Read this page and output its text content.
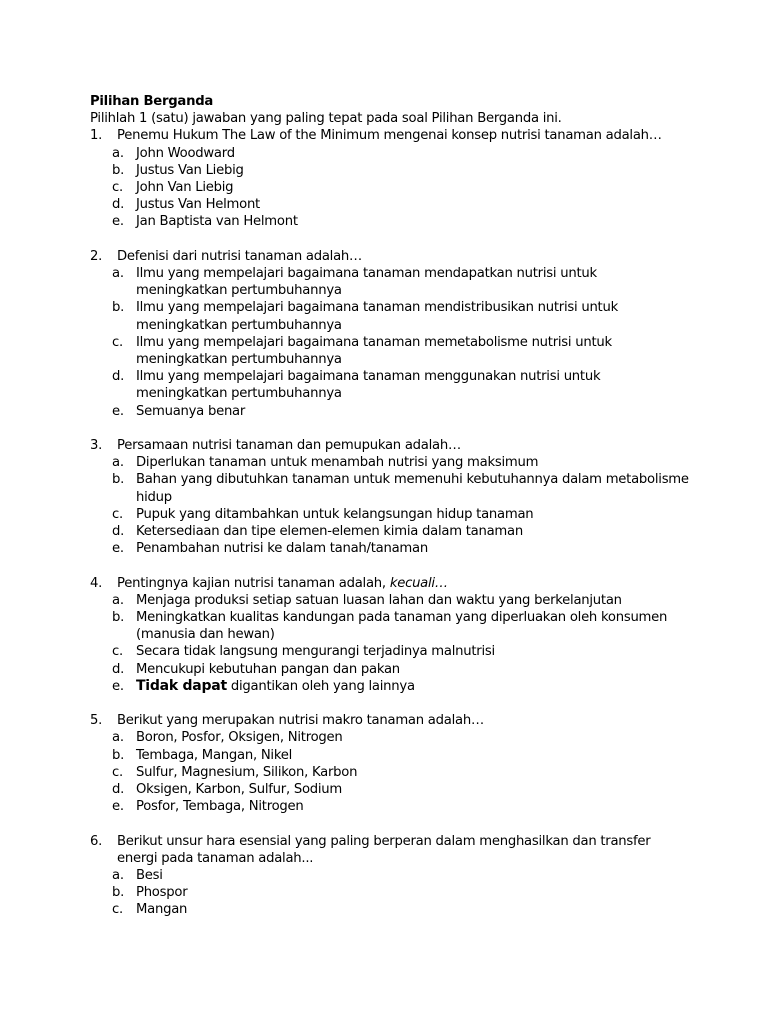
Pilihan Berganda

Pilihlah 1 (satu) jawaban yang paling tepat pada soal Pilihan Berganda ini.

1.	Penemu Hukum The Law of the Minimum mengenai konsep nutrisi tanaman adalah…
a. John Woodward
b. Justus Van Liebig
c. John Van Liebig
d. Justus Van Helmont
e. Jan Baptista van Helmont
2.	Defenisi dari nutrisi tanaman adalah…
a. Ilmu yang mempelajari bagaimana tanaman mendapatkan nutrisi untuk meningkatkan pertumbuhannya
b. Ilmu yang mempelajari bagaimana tanaman mendistribusikan nutrisi untuk meningkatkan pertumbuhannya
c. Ilmu yang mempelajari bagaimana tanaman memetabolisme nutrisi untuk meningkatkan pertumbuhannya
d. Ilmu yang mempelajari bagaimana tanaman menggunakan nutrisi untuk meningkatkan pertumbuhannya
e. Semuanya benar
3.	Persamaan nutrisi tanaman dan pemupukan adalah…
a. Diperlukan tanaman untuk menambah nutrisi yang maksimum
b. Bahan yang dibutuhkan tanaman untuk memenuhi kebutuhannya dalam metabolisme hidup
c. Pupuk yang ditambahkan untuk kelangsungan hidup tanaman
d. Ketersediaan dan tipe elemen-elemen kimia dalam tanaman
e. Penambahan nutrisi ke dalam tanah/tanaman
4.	Pentingnya kajian nutrisi tanaman adalah, kecuali…
a. Menjaga produksi setiap satuan luasan lahan dan waktu yang berkelanjutan
b. Meningkatkan kualitas kandungan pada tanaman yang diperluakan oleh konsumen (manusia dan hewan)
c. Secara tidak langsung mengurangi terjadinya malnutrisi
d. Mencukupi kebutuhan pangan dan pakan
e. Tidak dapat digantikan oleh yang lainnya
5.	Berikut yang merupakan nutrisi makro tanaman adalah…
a. Boron, Posfor, Oksigen, Nitrogen
b. Tembaga, Mangan, Nikel
c. Sulfur, Magnesium, Silikon, Karbon
d. Oksigen, Karbon, Sulfur, Sodium
e. Posfor, Tembaga, Nitrogen
6.	Berikut unsur hara esensial yang paling berperan dalam menghasilkan dan transfer energi pada tanaman adalah...
a. Besi
b. Phospor
c. Mangan
